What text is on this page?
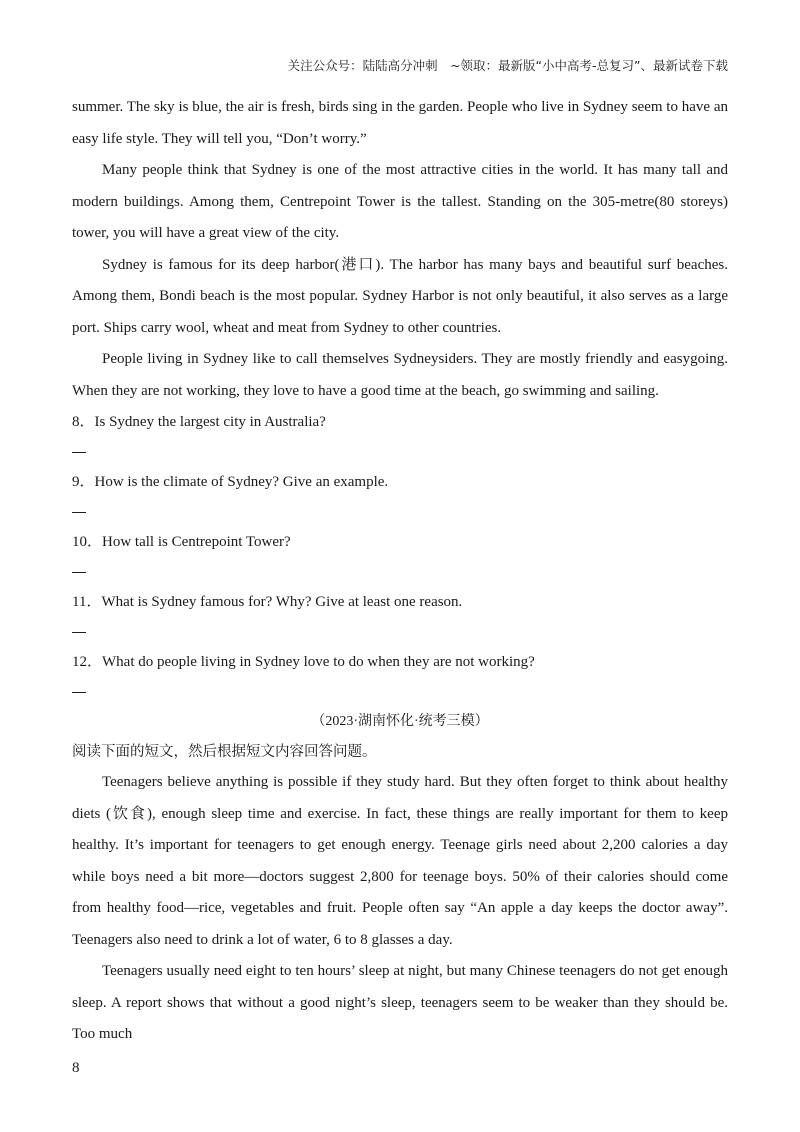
关注公众号：陆陆高分冲刺　~领取：最新版“小中高考-总复习”、最新试卷下载

summer. The sky is blue, the air is fresh, birds sing in the garden. People who live in Sydney seem to have an easy life style. They will tell you, “Don’t worry.”

Many people think that Sydney is one of the most attractive cities in the world. It has many tall and modern buildings. Among them, Centrepoint Tower is the tallest. Standing on the 305-metre(80 storeys) tower, you will have a great view of the city.

Sydney is famous for its deep harbor(港口). The harbor has many bays and beautiful surf beaches. Among them, Bondi beach is the most popular. Sydney Harbor is not only beautiful, it also serves as a large port. Ships carry wool, wheat and meat from Sydney to other countries.

People living in Sydney like to call themselves Sydneysiders. They are mostly friendly and easygoing. When they are not working, they love to have a good time at the beach, go swimming and sailing.

8．Is Sydney the largest city in Australia?
9．How is the climate of Sydney? Give an example.
10．How tall is Centrepoint Tower?
11．What is Sydney famous for? Why? Give at least one reason.
12．What do people living in Sydney love to do when they are not working?
（2023·湖南怀化·统考三模）
阅读下面的短文，然后根据短文内容回答问题。

Teenagers believe anything is possible if they study hard. But they often forget to think about healthy diets (饮食), enough sleep time and exercise. In fact, these things are really important for them to keep healthy. It’s important for teenagers to get enough energy. Teenage girls need about 2,200 calories a day while boys need a bit more—doctors suggest 2,800 for teenage boys. 50% of their calories should come from healthy food—rice, vegetables and fruit. People often say “An apple a day keeps the doctor away”. Teenagers also need to drink a lot of water, 6 to 8 glasses a day.

Teenagers usually need eight to ten hours’ sleep at night, but many Chinese teenagers do not get enough sleep. A report shows that without a good night’s sleep, teenagers seem to be weaker than they should be. Too much

8
